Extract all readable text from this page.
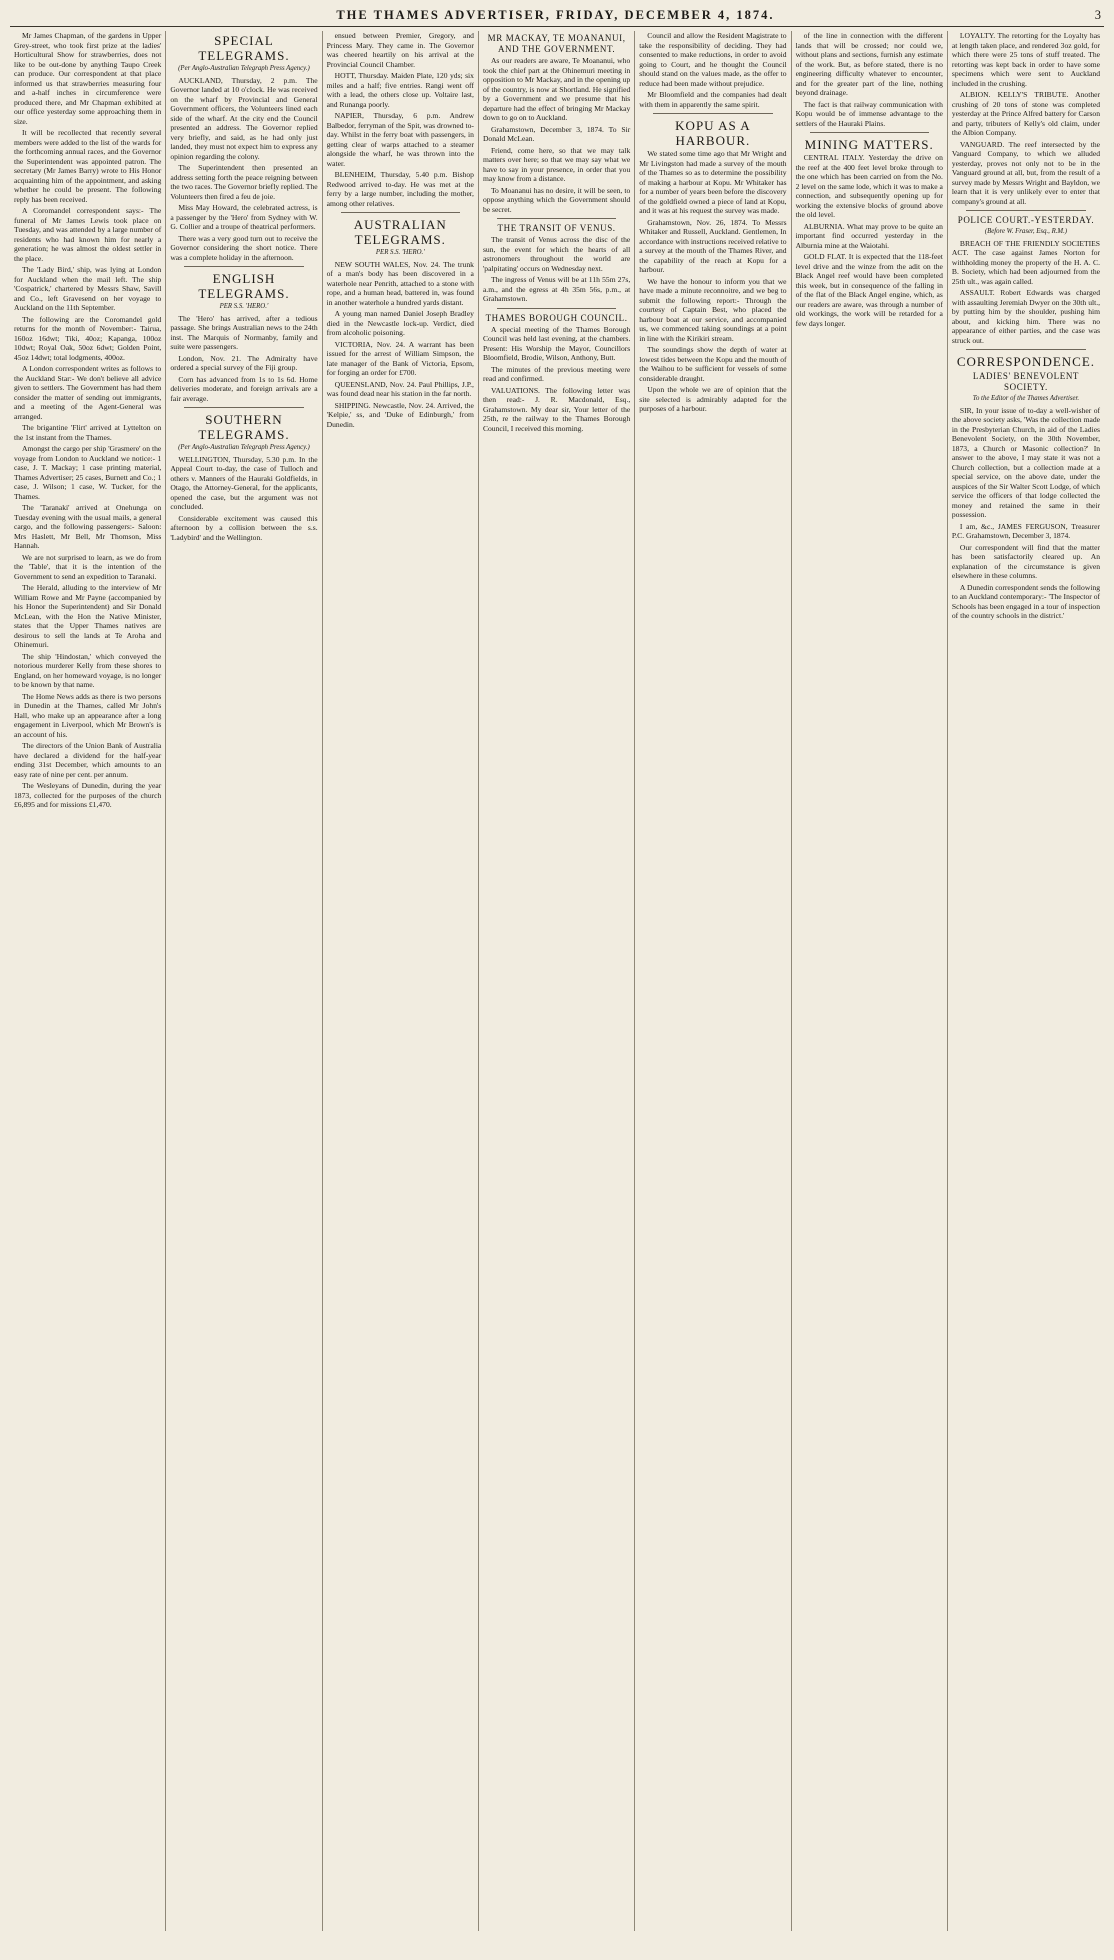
THE THAMES ADVERTISER, FRIDAY, DECEMBER 4, 1874.	3

Mr James Chapman, of the gardens in Upper Grey-street, who took first prize at the ladies' Horticultural Show for strawberries, does not like to be out-done by anything Taupo Creek can produce. Our correspondent at that place informed us that strawberries measuring four and a-half inches in circumference were produced there, and Mr Chapman exhibited at our office yesterday some approaching them in size.

It will be recollected that recently several members were added to the list of the wards for the forthcoming annual races, and the Governor the Superintendent was appointed patron. The secretary (Mr James Barry) wrote to His Honor acquainting him of the appointment, and asking whether he could be present. The following reply has been received.

A Coromandel correspondent says:- The funeral of Mr James Lewis took place on Tuesday, and was attended by a large number of residents who had known him for nearly a generation; he was almost the oldest settler in the place.

The 'Lady Bird,' ship, was lying at London for Auckland when the mail left. The ship 'Cospatrick,' chartered by Messrs Shaw, Savill and Co., left Gravesend on her voyage to Auckland on the 11th September.

The following are the Coromandel gold returns for the month of November:- Tairua, 160oz 16dwt; Tiki, 40oz; Kapanga, 100oz 10dwt; Royal Oak, 50oz 6dwt; Golden Point, 45oz 14dwt; total lodgments, 400oz.

A London correspondent writes as follows to the Auckland Star:- We don't believe all advice given to settlers. The Government has had them consider the matter of sending out immigrants, and a meeting of the Agent-General was arranged.

The brigantine 'Flirt' arrived at Lyttelton on the 1st instant from the Thames.

Amongst the cargo per ship 'Grasmere' on the voyage from London to Auckland we notice:- 1 case, J. T. Mackay; 1 case printing material, Thames Advertiser; 25 cases, Burnett and Co.; 1 case, J. Wilson; 1 case, W. Tucker, for the Thames.

The 'Taranaki' arrived at Onehunga on Tuesday evening with the usual mails, a general cargo, and the following passengers:- Saloon: Mrs Haslett, Mr Bell, Mr Thomson, Miss Hannah.

We are not surprised to learn, as we do from the 'Table', that it is the intention of the Government to send an expedition to Taranaki.

The Herald, alluding to the interview of Mr William Rowe and Mr Payne (accompanied by his Honor the Superintendent) and Sir Donald McLean, with the Hon the Native Minister, states that the Upper Thames natives are desirous to sell the lands at Te Aroha and Ohinemuri.

The ship 'Hindostan,' which conveyed the notorious murderer Kelly from these shores to England, on her homeward voyage, is no longer to be known by that name.

The Home News adds as there is two persons in Dunedin at the Thames, called Mr John's Hall, who make up an appearance after a long engagement in Liverpool, which Mr Brown's is an account of his.

The directors of the Union Bank of Australia have declared a dividend for the half-year ending 31st December, which amounts to an easy rate of nine per cent. per annum.

The Wesleyans of Dunedin, during the year 1873, collected for the purposes of the church £6,895 and for missions £1,470.

SPECIAL TELEGRAMS.
(Per Anglo-Australian Telegraph Press Agency.)

AUCKLAND, Thursday, 2 p.m. The Governor landed at 10 o'clock. He was received on the wharf by Provincial and General Government officers, the Volunteers lined each side of the wharf. At the city end the Council presented an address. The Governor replied very briefly, and said, as he had only just landed, they must not expect him to express any opinion regarding the colony.

The Superintendent then presented an address setting forth the peace reigning between the two races. The Governor briefly replied. The Volunteers then fired a feu de joie.

Miss May Howard, the celebrated actress, is a passenger by the 'Hero' from Sydney with W. G. Collier and a troupe of theatrical performers.

There was a very good turn out to receive the Governor considering the short notice. There was a complete holiday in the afternoon.

ENGLISH TELEGRAMS.
PER S.S. 'HERO.'

The 'Hero' has arrived, after a tedious passage. She brings Australian news to the 24th inst. The Marquis of Normanby, family and suite were passengers.

London, Nov. 21. The Admiralty have ordered a special survey of the Fiji group.

Corn has advanced from 1s to 1s 6d. Home deliveries moderate, and foreign arrivals are a fair average.

SOUTHERN TELEGRAMS.
(Per Anglo-Australian Telegraph Press Agency.)

WELLINGTON, Thursday, 5.30 p.m. In the Appeal Court to-day, the case of Tulloch and others v. Manners of the Hauraki Goldfields, in Otago, the Attorney-General, for the applicants, opened the case, but the argument was not concluded.

Considerable excitement was caused this afternoon by a collision between the s.s. 'Ladybird' and the Wellington.

ensued between Premier, Gregory, and Princess Mary. They came in. The Governor was cheered heartily on his arrival at the Provincial Council Chamber.

HOTT, Thursday. Maiden Plate, 120 yds; six miles and a half; five entries. Rangi went off with a lead, the others close up. Voltaire last, and Runanga poorly.

NAPIER, Thursday, 6 p.m. Andrew Balbedor, ferryman of the Spit, was drowned to-day. Whilst in the ferry boat with passengers, in getting clear of warps attached to a steamer alongside the wharf, he was thrown into the water.

BLENHEIM, Thursday, 5.40 p.m. Bishop Redwood arrived to-day. He was met at the ferry by a large number, including the mother, among other relatives.

AUSTRALIAN TELEGRAMS.
PER S.S. 'HERO.'

NEW SOUTH WALES, Nov. 24. The trunk of a man's body has been discovered in a waterhole near Penrith, attached to a stone with rope, and a human head, battered in, was found in another waterhole a hundred yards distant.

A young man named Daniel Joseph Bradley died in the Newcastle lock-up. Verdict, died from alcoholic poisoning.

VICTORIA, Nov. 24. A warrant has been issued for the arrest of William Simpson, the late manager of the Bank of Victoria, Epsom, for forging an order for £700.

QUEENSLAND, Nov. 24. Paul Phillips, J.P., was found dead near his station in the far north.

SHIPPING. Newcastle, Nov. 24. Arrived, the 'Kelpie,' ss, and 'Duke of Edinburgh,' from Dunedin.

MR MACKAY, TE MOANANUI, AND THE GOVERNMENT.

As our readers are aware, Te Moananui, who took the chief part at the Ohinemuri meeting in opposition to Mr Mackay, and in the opening up of the country, is now at Shortland. He signified by a Government and we presume that his departure had the effect of bringing Mr Mackay down to go on to Auckland.

Grahamstown, December 3, 1874. To Sir Donald McLean.

Friend, come here, so that we may talk matters over here; so that we may say what we have to say in your presence, in order that you may know from a distance.

To Moananui has no desire, it will be seen, to oppose anything which the Government should be secret.

THE TRANSIT OF VENUS.

The transit of Venus across the disc of the sun, the event for which the hearts of all astronomers throughout the world are 'palpitating' occurs on Wednesday next.

The ingress of Venus will be at 11h 55m 27s, a.m., and the egress at 4h 35m 56s, p.m., at Grahamstown.

THAMES BOROUGH COUNCIL.

A special meeting of the Thames Borough Council was held last evening, at the chambers. Present: His Worship the Mayor, Councillors Bloomfield, Brodie, Wilson, Anthony, Butt.

The minutes of the previous meeting were read and confirmed.

VALUATIONS. The following letter was then read:- J. R. Macdonald, Esq., Grahamstown. My dear sir, Your letter of the 25th, re the railway to the Thames Borough Council, I received this morning.

Council and allow the Resident Magistrate to take the responsibility of deciding. They had consented to make reductions, in order to avoid going to Court, and he thought the Council should stand on the values made, as the offer to reduce had been made without prejudice.

Mr Bloomfield and the companies had dealt with them in apparently the same spirit.

KOPU AS A HARBOUR.

We stated some time ago that Mr Wright and Mr Livingston had made a survey of the mouth of the Thames so as to determine the possibility of making a harbour at Kopu. Mr Whitaker has for a number of years been before the discovery of the goldfield owned a piece of land at Kopu, and it was at his request the survey was made.

Grahamstown, Nov. 26, 1874. To Messrs Whitaker and Russell, Auckland. Gentlemen, In accordance with instructions received relative to a survey at the mouth of the Thames River, and the capability of the reach at Kopu for a harbour.

We have the honour to inform you that we have made a minute reconnoitre, and we beg to submit the following report:- Through the courtesy of Captain Best, who placed the harbour boat at our service, and accompanied us, we commenced taking soundings at a point in line with the Kirikiri stream.

The soundings show the depth of water at lowest tides between the Kopu and the mouth of the Waihou to be sufficient for vessels of some considerable draught.

Upon the whole we are of opinion that the site selected is admirably adapted for the purposes of a harbour.

of the line in connection with the different lands that will be crossed; nor could we, without plans and sections, furnish any estimate of the work. But, as before stated, there is no engineering difficulty whatever to encounter, and for the greater part of the line, nothing beyond drainage.

The fact is that railway communication with Kopu would be of immense advantage to the settlers of the Hauraki Plains.

MINING MATTERS.

CENTRAL ITALY. Yesterday the drive on the reef at the 400 feet level broke through to the one which has been carried on from the No. 2 level on the same lode, which it was to make a connection, and subsequently opening up for working the extensive blocks of ground above the old level.

ALBURNIA. What may prove to be quite an important find occurred yesterday in the Alburnia mine at the Waiotahi.

GOLD FLAT. It is expected that the 118-feet level drive and the winze from the adit on the Black Angel reef would have been completed this week, but in consequence of the falling in of the flat of the Black Angel engine, which, as our readers are aware, was through a number of old workings, the work will be retarded for a few days longer.

LOYALTY. The retorting for the Loyalty has at length taken place, and rendered 3oz gold, for which there were 25 tons of stuff treated. The retorting was kept back in order to have some specimens which were sent to Auckland included in the crushing.

ALBION. KELLY'S TRIBUTE. Another crushing of 20 tons of stone was completed yesterday at the Prince Alfred battery for Carson and party, tributers of Kelly's old claim, under the Albion Company.

VANGUARD. The reef intersected by the Vanguard Company, to which we alluded yesterday, proves not only not to be in the Vanguard ground at all, but, from the result of a survey made by Messrs Wright and Bayldon, we learn that it is very unlikely ever to enter that company's ground at all.

POLICE COURT.-YESTERDAY.
(Before W. Fraser, Esq., R.M.)

BREACH OF THE FRIENDLY SOCIETIES ACT. The case against James Norton for withholding money the property of the H. A. C. B. Society, which had been adjourned from the 25th ult., was again called.

ASSAULT. Robert Edwards was charged with assaulting Jeremiah Dwyer on the 30th ult., by putting him by the shoulder, pushing him about, and kicking him. There was no appearance of either parties, and the case was struck out.

CORRESPONDENCE.
LADIES' BENEVOLENT SOCIETY.
To the Editor of the Thames Advertiser.

SIR, In your issue of to-day a well-wisher of the above society asks, 'Was the collection made in the Presbyterian Church, in aid of the Ladies Benevolent Society, on the 30th November, 1873, a Church or Masonic collection?' In answer to the above, I may state it was not a Church collection, but a collection made at a special service, on the above date, under the auspices of the Sir Walter Scott Lodge, of which service the officers of that lodge collected the money and retained the same in their possession.

I am, &c., JAMES FERGUSON, Treasurer P.C. Grahamstown, December 3, 1874.

Our correspondent will find that the matter has been satisfactorily cleared up. An explanation of the circumstance is given elsewhere in these columns.

A Dunedin correspondent sends the following to an Auckland contemporary:- 'The Inspector of Schools has been engaged in a tour of inspection of the country schools in the district.'
